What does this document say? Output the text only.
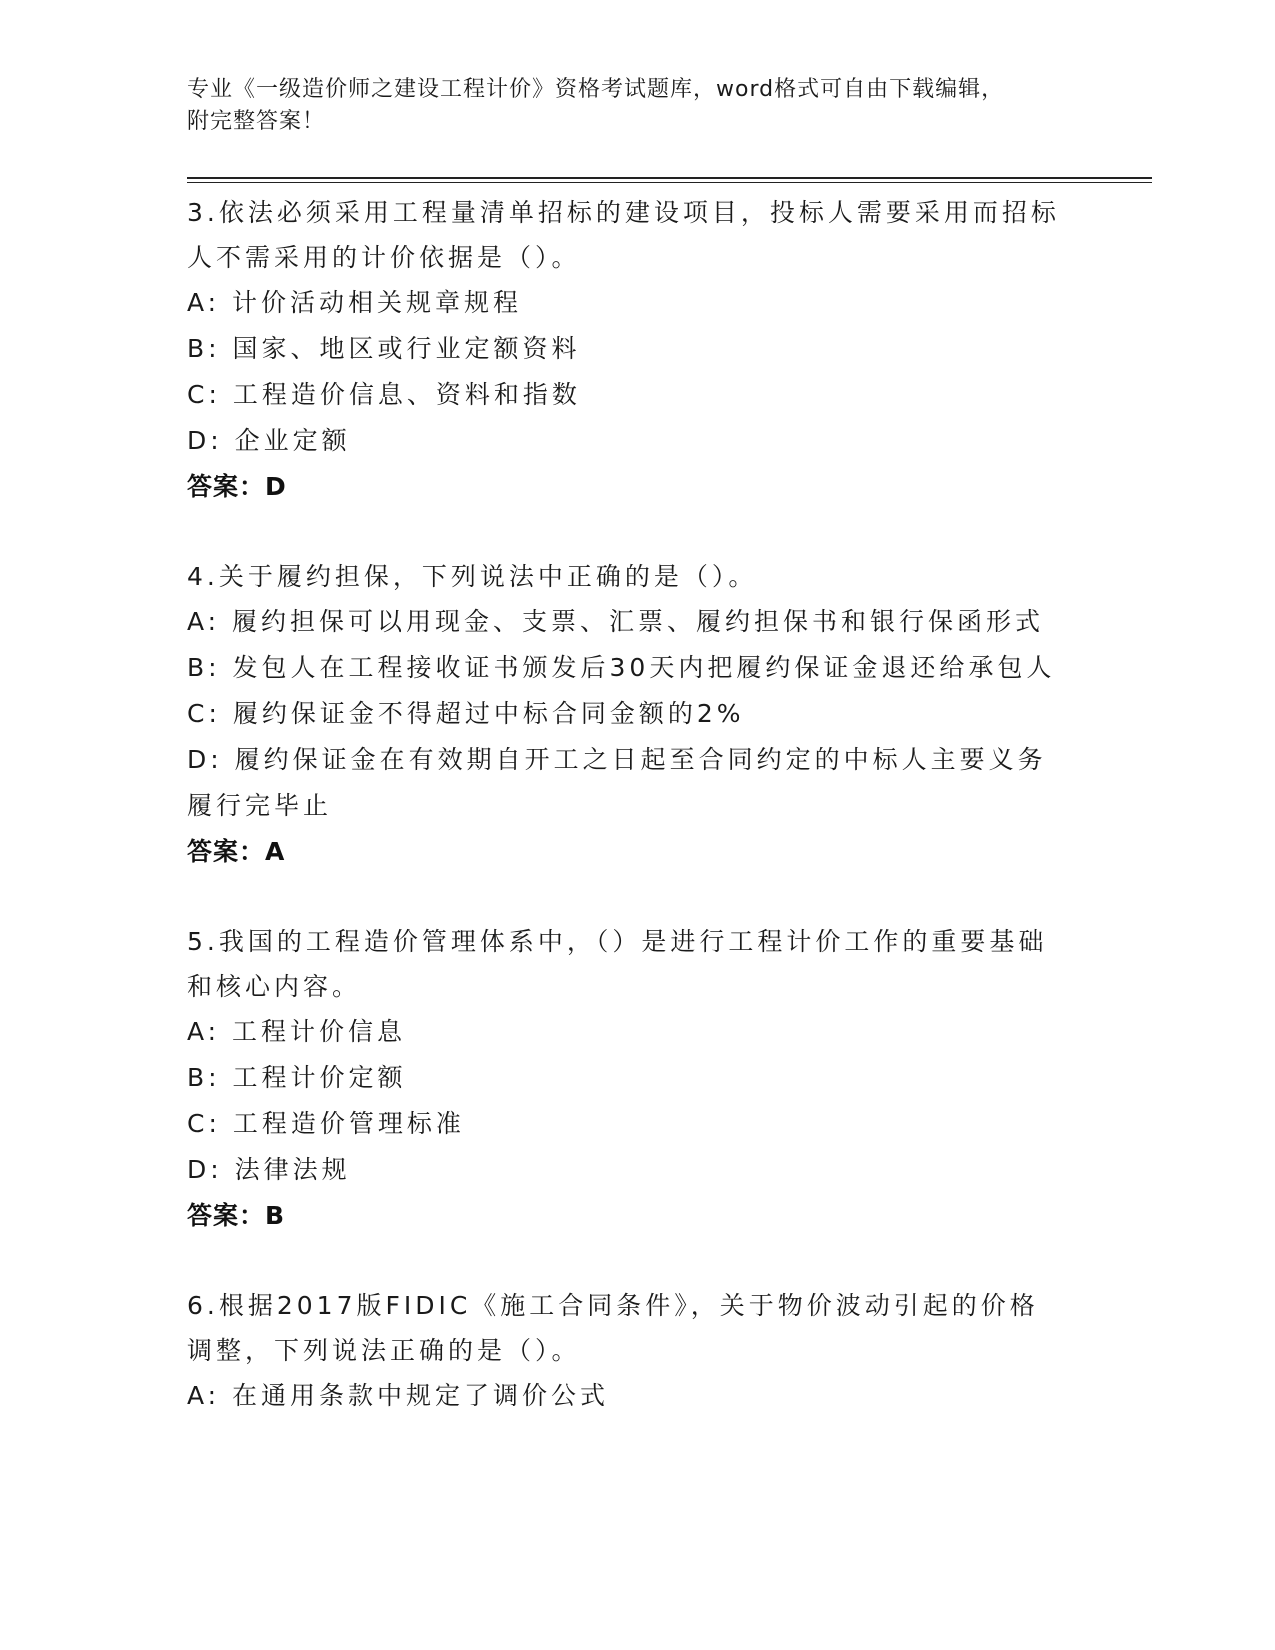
专业《一级造价师之建设工程计价》资格考试题库，word格式可自由下载编辑，
附完整答案！
3.依法必须采用工程量清单招标的建设项目，投标人需要采用而招标人不需采用的计价依据是（）。
A: 计价活动相关规章规程
B: 国家、地区或行业定额资料
C: 工程造价信息、资料和指数
D: 企业定额
答案：D
4.关于履约担保，下列说法中正确的是（）。
A: 履约担保可以用现金、支票、汇票、履约担保书和银行保函形式
B: 发包人在工程接收证书颁发后30天内把履约保证金退还给承包人
C: 履约保证金不得超过中标合同金额的2%
D: 履约保证金在有效期自开工之日起至合同约定的中标人主要义务履行完毕止
答案：A
5.我国的工程造价管理体系中，（）是进行工程计价工作的重要基础和核心内容。
A: 工程计价信息
B: 工程计价定额
C: 工程造价管理标准
D: 法律法规
答案：B
6.根据2017版FIDIC《施工合同条件》，关于物价波动引起的价格调整，下列说法正确的是（）。
A: 在通用条款中规定了调价公式
